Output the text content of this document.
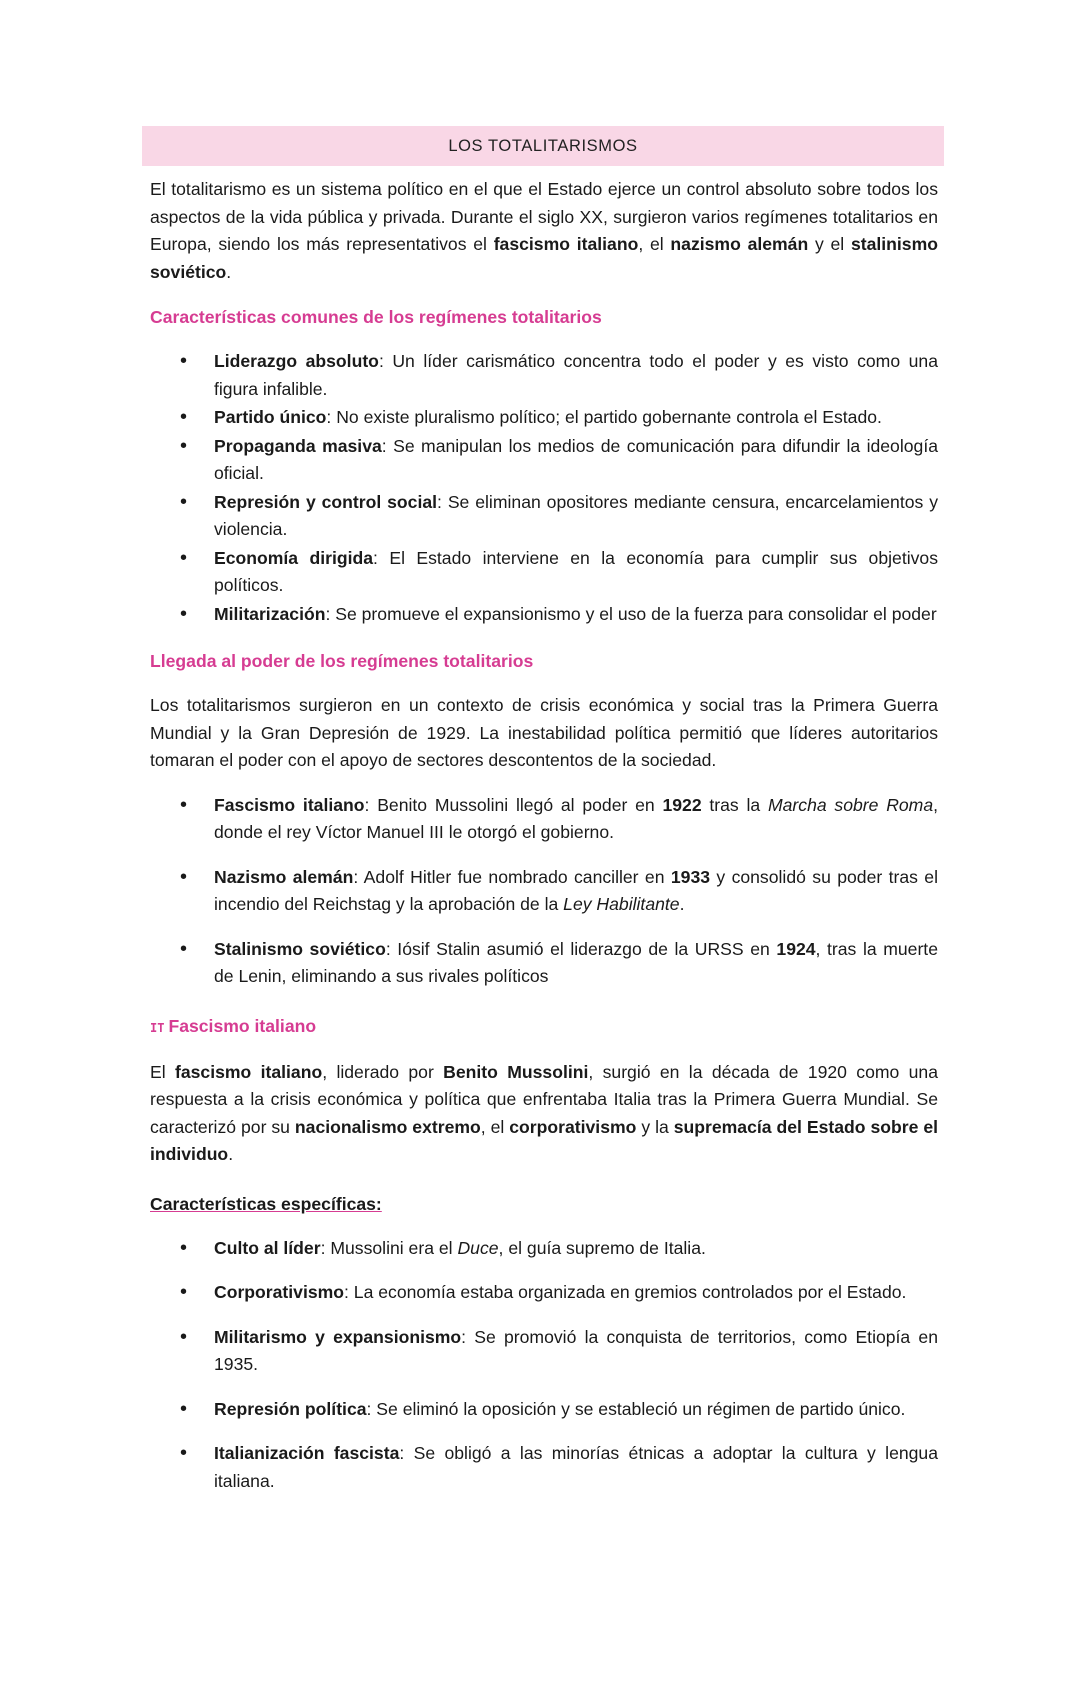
LOS TOTALITARISMOS

El totalitarismo es un sistema político en el que el Estado ejerce un control absoluto sobre todos los aspectos de la vida pública y privada. Durante el siglo XX, surgieron varios regímenes totalitarios en Europa, siendo los más representativos el fascismo italiano, el nazismo alemán y el stalinismo soviético.

Características comunes de los regímenes totalitarios
• Liderazgo absoluto: Un líder carismático concentra todo el poder y es visto como una figura infalible.
• Partido único: No existe pluralismo político; el partido gobernante controla el Estado.
• Propaganda masiva: Se manipulan los medios de comunicación para difundir la ideología oficial.
• Represión y control social: Se eliminan opositores mediante censura, encarcelamientos y violencia.
• Economía dirigida: El Estado interviene en la economía para cumplir sus objetivos políticos.
• Militarización: Se promueve el expansionismo y el uso de la fuerza para consolidar el poder
Llegada al poder de los regímenes totalitarios

Los totalitarismos surgieron en un contexto de crisis económica y social tras la Primera Guerra Mundial y la Gran Depresión de 1929. La inestabilidad política permitió que líderes autoritarios tomaran el poder con el apoyo de sectores descontentos de la sociedad.

• Fascismo italiano: Benito Mussolini llegó al poder en 1922 tras la Marcha sobre Roma, donde el rey Víctor Manuel III le otorgó el gobierno.
• Nazismo alemán: Adolf Hitler fue nombrado canciller en 1933 y consolidó su poder tras el incendio del Reichstag y la aprobación de la Ley Habilitante.
• Stalinismo soviético: Iósif Stalin asumió el liderazgo de la URSS en 1924, tras la muerte de Lenin, eliminando a sus rivales políticos
IT Fascismo italiano

El fascismo italiano, liderado por Benito Mussolini, surgió en la década de 1920 como una respuesta a la crisis económica y política que enfrentaba Italia tras la Primera Guerra Mundial. Se caracterizó por su nacionalismo extremo, el corporativismo y la supremacía del Estado sobre el individuo.

Características específicas:
• Culto al líder: Mussolini era el Duce, el guía supremo de Italia.
• Corporativismo: La economía estaba organizada en gremios controlados por el Estado.
• Militarismo y expansionismo: Se promovió la conquista de territorios, como Etiopía en 1935.
• Represión política: Se eliminó la oposición y se estableció un régimen de partido único.
• Italianización fascista: Se obligó a las minorías étnicas a adoptar la cultura y lengua italiana.
